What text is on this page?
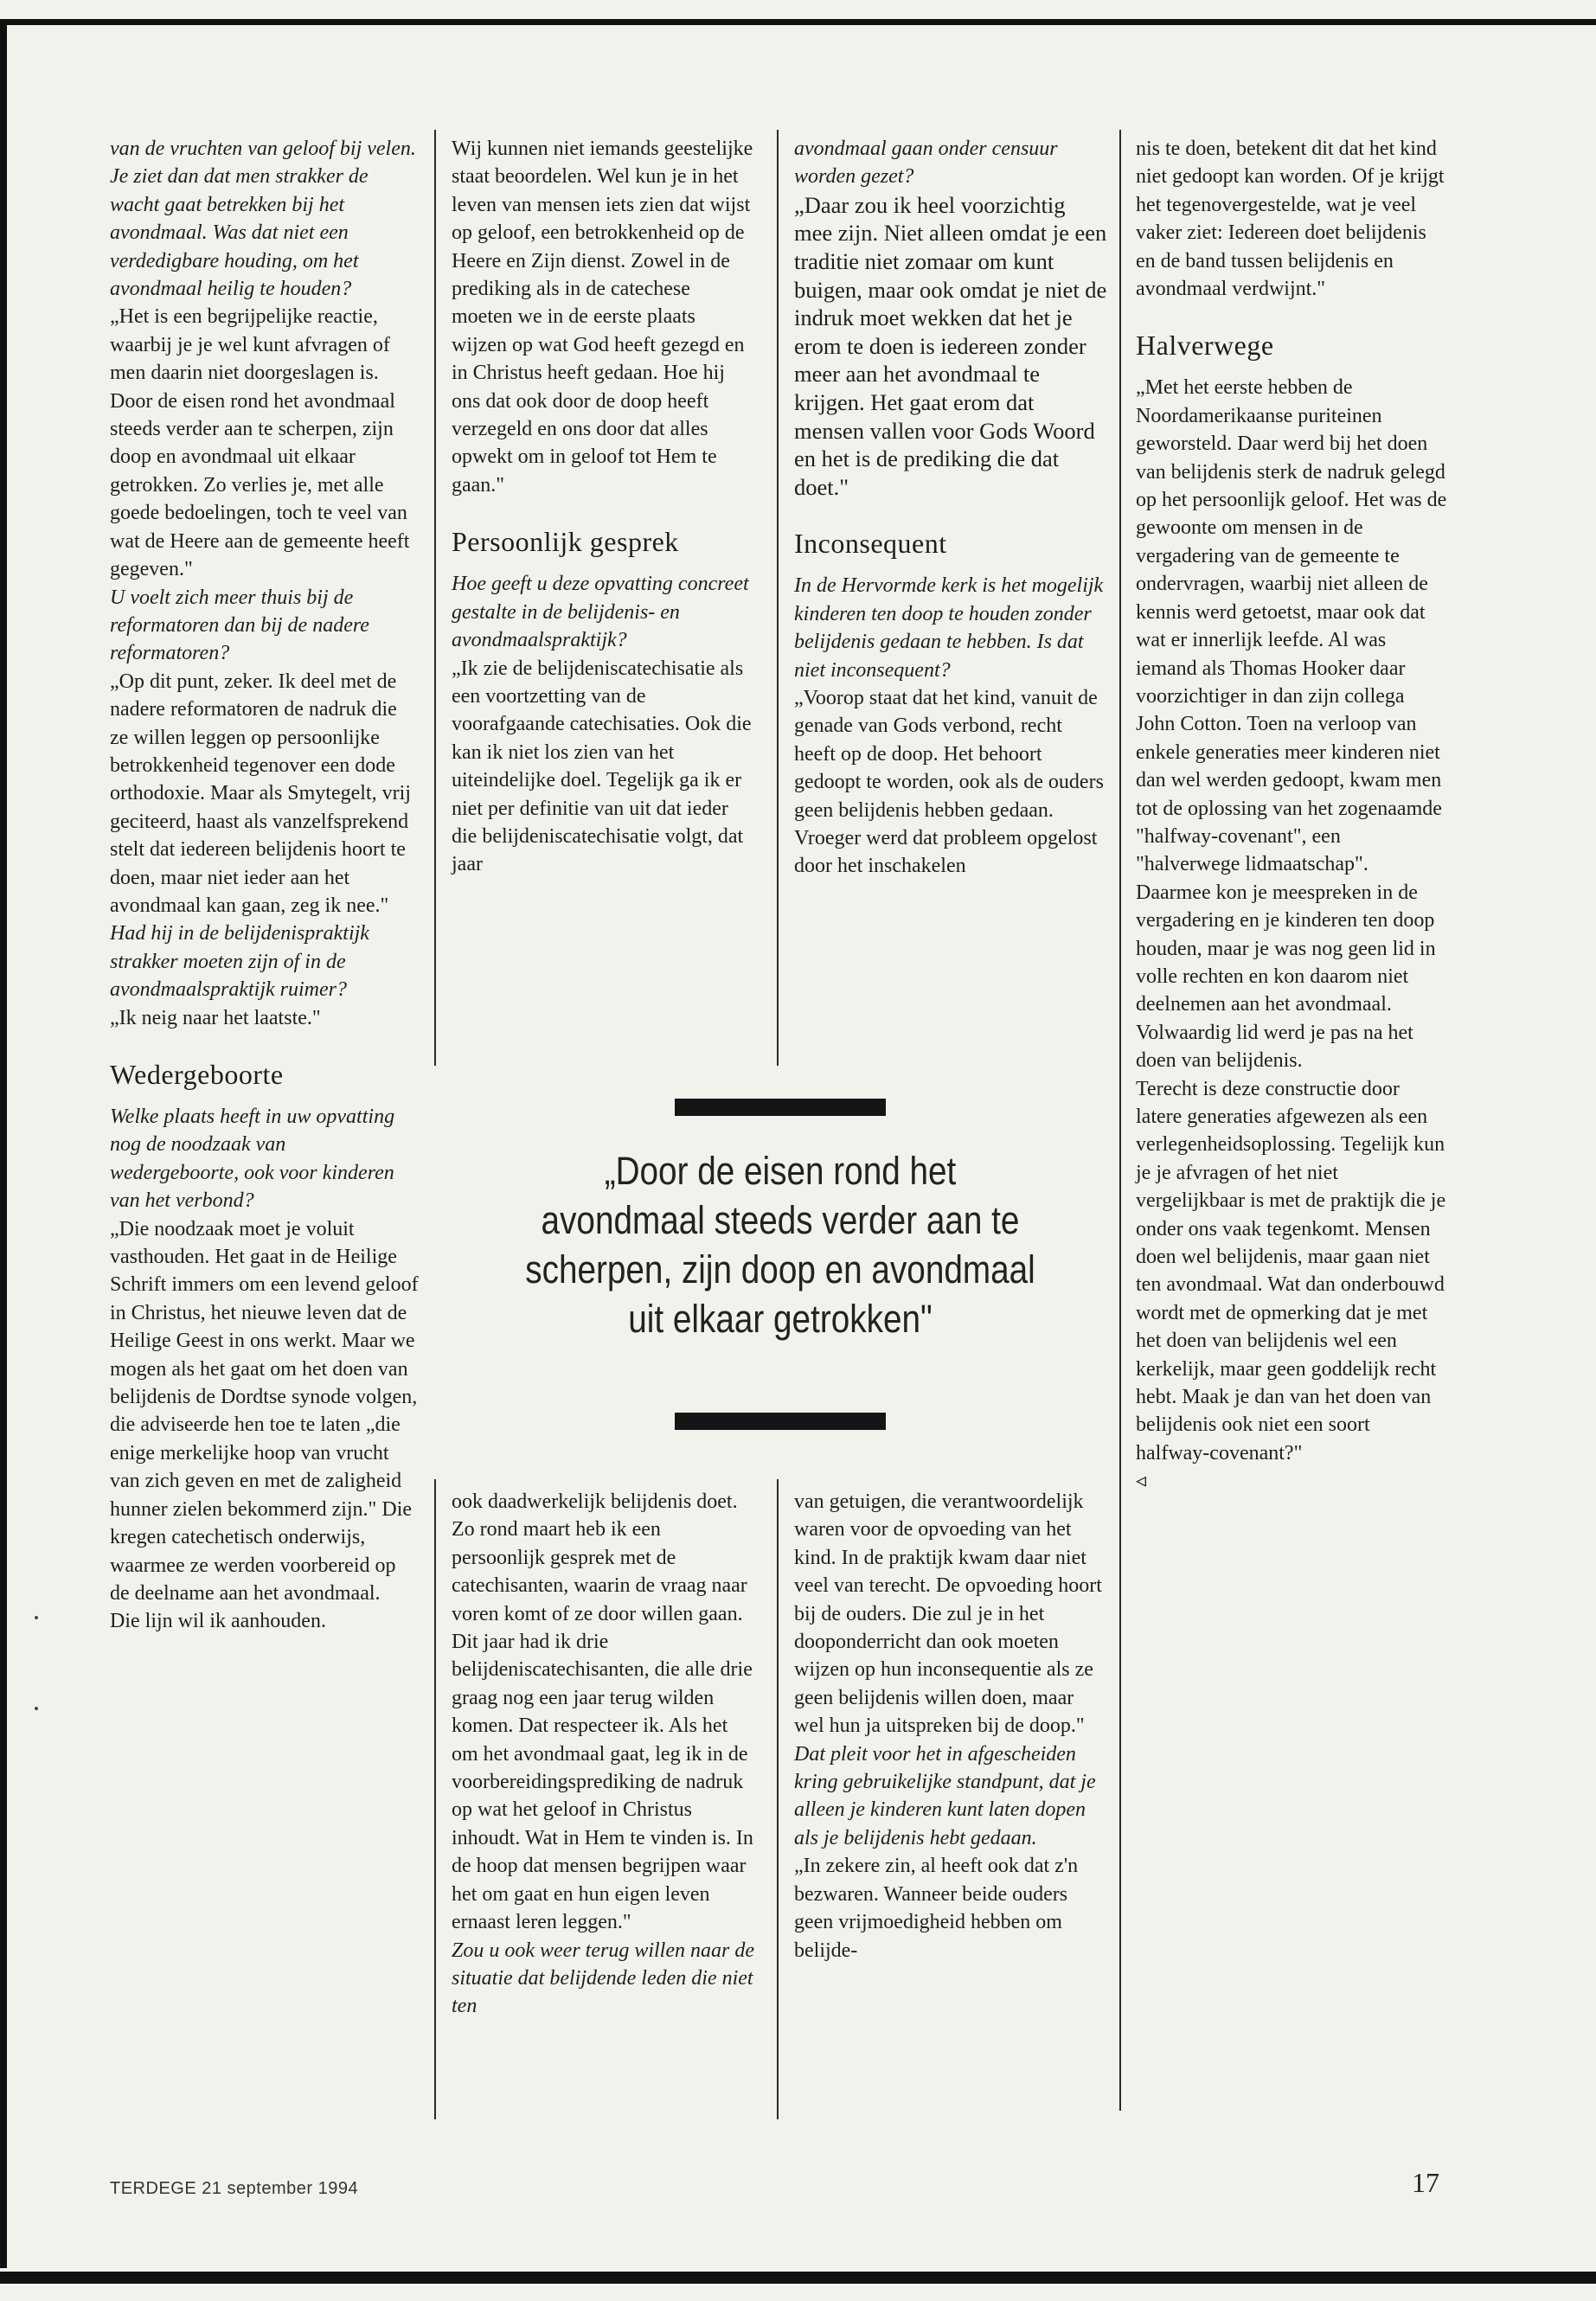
van de vruchten van geloof bij velen. Je ziet dan dat men strakker de wacht gaat betrekken bij het avondmaal. Was dat niet een verdedigbare houding, om het avondmaal heilig te houden?

„Het is een begrijpelijke reactie, waarbij je je wel kunt afvragen of men daarin niet doorgeslagen is. Door de eisen rond het avondmaal steeds verder aan te scherpen, zijn doop en avondmaal uit elkaar getrokken. Zo verlies je, met alle goede bedoelingen, toch te veel van wat de Heere aan de gemeente heeft gegeven."

U voelt zich meer thuis bij de reformatoren dan bij de nadere reformatoren?

„Op dit punt, zeker. Ik deel met de nadere reformatoren de nadruk die ze willen leggen op persoonlijke betrokkenheid tegenover een dode orthodoxie. Maar als Smytegelt, vrij geciteerd, haast als vanzelfsprekend stelt dat iedereen belijdenis hoort te doen, maar niet ieder aan het avondmaal kan gaan, zeg ik nee."

Had hij in de belijdenispraktijk strakker moeten zijn of in de avondmaalspraktijk ruimer?

„Ik neig naar het laatste."

Wedergeboorte

Welke plaats heeft in uw opvatting nog de noodzaak van wedergeboorte, ook voor kinderen van het verbond?

„Die noodzaak moet je voluit vasthouden. Het gaat in de Heilige Schrift immers om een levend geloof in Christus, het nieuwe leven dat de Heilige Geest in ons werkt. Maar we mogen als het gaat om het doen van belijdenis de Dordtse synode volgen, die adviseerde hen toe te laten „die enige merkelijke hoop van vrucht van zich geven en met de zaligheid hunner zielen bekommerd zijn." Die kregen catechetisch onderwijs, waarmee ze werden voorbereid op de deelname aan het avondmaal.

Die lijn wil ik aanhouden.

Wij kunnen niet iemands geestelijke staat beoordelen. Wel kun je in het leven van mensen iets zien dat wijst op geloof, een betrokkenheid op de Heere en Zijn dienst. Zowel in de prediking als in de catechese moeten we in de eerste plaats wijzen op wat God heeft gezegd en in Christus heeft gedaan. Hoe hij ons dat ook door de doop heeft verzegeld en ons door dat alles opwekt om in geloof tot Hem te gaan."

Persoonlijk gesprek

Hoe geeft u deze opvatting concreet gestalte in de belijdenis- en avondmaalspraktijk?

„Ik zie de belijdeniscatechisatie als een voortzetting van de voorafgaande catechisaties. Ook die kan ik niet los zien van het uiteindelijke doel. Tegelijk ga ik er niet per definitie van uit dat ieder die belijdeniscatechisatie volgt, dat jaar

avondmaal gaan onder censuur worden gezet?

„Daar zou ik heel voorzichtig mee zijn. Niet alleen omdat je een traditie niet zomaar om kunt buigen, maar ook omdat je niet de indruk moet wekken dat het je erom te doen is iedereen zonder meer aan het avondmaal te krijgen. Het gaat erom dat mensen vallen voor Gods Woord en het is de prediking die dat doet."

Inconsequent

In de Hervormde kerk is het mogelijk kinderen ten doop te houden zonder belijdenis gedaan te hebben. Is dat niet inconsequent?

„Voorop staat dat het kind, vanuit de genade van Gods verbond, recht heeft op de doop. Het behoort gedoopt te worden, ook als de ouders geen belijdenis hebben gedaan. Vroeger werd dat probleem opgelost door het inschakelen

nis te doen, betekent dit dat het kind niet gedoopt kan worden. Of je krijgt het tegenovergestelde, wat je veel vaker ziet: Iedereen doet belijdenis en de band tussen belijdenis en avondmaal verdwijnt."

Halverwege

„Met het eerste hebben de Noordamerikaanse puriteinen geworsteld. Daar werd bij het doen van belijdenis sterk de nadruk gelegd op het persoonlijk geloof. Het was de gewoonte om mensen in de vergadering van de gemeente te ondervragen, waarbij niet alleen de kennis werd getoetst, maar ook dat wat er innerlijk leefde. Al was iemand als Thomas Hooker daar voorzichtiger in dan zijn collega John Cotton. Toen na verloop van enkele generaties meer kinderen niet dan wel werden gedoopt, kwam men tot de oplossing van het zogenaamde "halfway-covenant", een "halverwege lidmaatschap". Daarmee kon je meespreken in de vergadering en je kinderen ten doop houden, maar je was nog geen lid in volle rechten en kon daarom niet deelnemen aan het avondmaal. Volwaardig lid werd je pas na het doen van belijdenis.

Terecht is deze constructie door latere generaties afgewezen als een verlegenheidsoplossing. Tegelijk kun je je afvragen of het niet vergelijkbaar is met de praktijk die je onder ons vaak tegenkomt. Mensen doen wel belijdenis, maar gaan niet ten avondmaal. Wat dan onderbouwd wordt met de opmerking dat je met het doen van belijdenis wel een kerkelijk, maar geen goddelijk recht hebt. Maak je dan van het doen van belijdenis ook niet een soort halfway-covenant?"

◃

„Door de eisen rond het avondmaal steeds verder aan te scherpen, zijn doop en avondmaal uit elkaar getrokken"

ook daadwerkelijk belijdenis doet. Zo rond maart heb ik een persoonlijk gesprek met de catechisanten, waarin de vraag naar voren komt of ze door willen gaan. Dit jaar had ik drie belijdeniscatechisanten, die alle drie graag nog een jaar terug wilden komen. Dat respecteer ik. Als het om het avondmaal gaat, leg ik in de voorbereidingsprediking de nadruk op wat het geloof in Christus inhoudt. Wat in Hem te vinden is. In de hoop dat mensen begrijpen waar het om gaat en hun eigen leven ernaast leren leggen."

Zou u ook weer terug willen naar de situatie dat belijdende leden die niet ten

van getuigen, die verantwoordelijk waren voor de opvoeding van het kind. In de praktijk kwam daar niet veel van terecht. De opvoeding hoort bij de ouders. Die zul je in het dooponderricht dan ook moeten wijzen op hun inconsequentie als ze geen belijdenis willen doen, maar wel hun ja uitspreken bij de doop."

Dat pleit voor het in afgescheiden kring gebruikelijke standpunt, dat je alleen je kinderen kunt laten dopen als je belijdenis hebt gedaan.

„In zekere zin, al heeft ook dat z'n bezwaren. Wanneer beide ouders geen vrijmoedigheid hebben om belijde-

TERDEGE 21 september 1994	17
